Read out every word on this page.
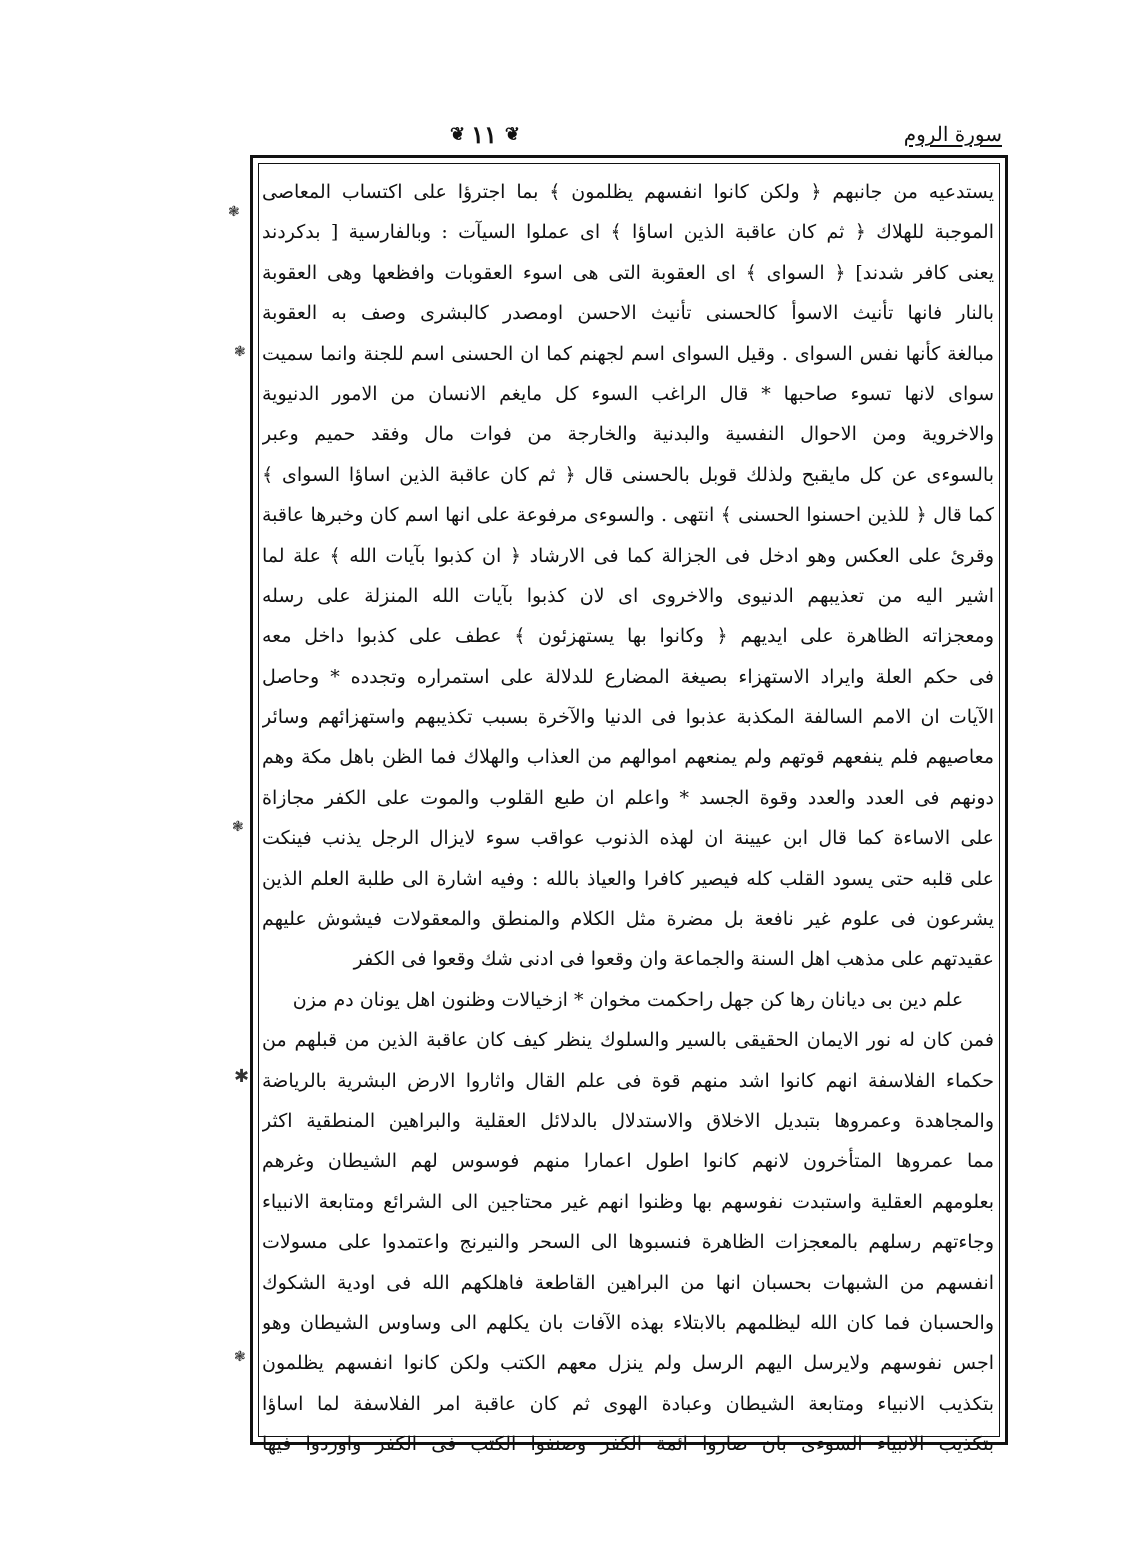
سورة الروم
❦ ١١ ❦
❃
❃
❃
✱
❃
يستدعيه من جانبهم ﴿ ولكن كانوا انفسهم يظلمون ﴾ بما اجترؤا على اكتساب المعاصى
الموجبة للهلاك ﴿ ثم كان عاقبة الذين اساؤا ﴾ اى عملوا السيآت : وبالفارسية [ بدكردند
يعنى كافر شدند] ﴿ السواى ﴾ اى العقوبة التى هى اسوء العقوبات وافظعها وهى العقوبة
بالنار فانها تأنيث الاسوأ كالحسنى تأنيث الاحسن اومصدر كالبشرى وصف به العقوبة
مبالغة كأنها نفس السواى . وقيل السواى اسم لجهنم كما ان الحسنى اسم للجنة وانما سميت
سواى لانها تسوء صاحبها * قال الراغب السوء كل مايغم الانسان من الامور الدنيوية
والاخروية ومن الاحوال النفسية والبدنية والخارجة من فوات مال وفقد حميم وعبر
بالسوءى عن كل مايقبح ولذلك قوبل بالحسنى قال ﴿ ثم كان عاقبة الذين اساؤا السواى ﴾
كما قال ﴿ للذين احسنوا الحسنى ﴾ انتهى . والسوءى مرفوعة على انها اسم كان وخبرها عاقبة
وقرئ على العكس وهو ادخل فى الجزالة كما فى الارشاد ﴿ ان كذبوا بآيات الله ﴾ علة لما
اشير اليه من تعذيبهم الدنيوى والاخروى اى لان كذبوا بآيات الله المنزلة على رسله
ومعجزاته الظاهرة على ايديهم ﴿ وكانوا بها يستهزئون ﴾ عطف على كذبوا داخل معه
فى حكم العلة وايراد الاستهزاء بصيغة المضارع للدلالة على استمراره وتجدده * وحاصل
الآيات ان الامم السالفة المكذبة عذبوا فى الدنيا والآخرة بسبب تكذيبهم واستهزائهم وسائر
معاصيهم فلم ينفعهم قوتهم ولم يمنعهم اموالهم من العذاب والهلاك فما الظن باهل مكة وهم
دونهم فى العدد والعدد وقوة الجسد * واعلم ان طبع القلوب والموت على الكفر مجازاة
على الاساءة كما قال ابن عيينة ان لهذه الذنوب عواقب سوء لايزال الرجل يذنب فينكت
على قلبه حتى يسود القلب كله فيصير كافرا والعياذ بالله : وفيه اشارة الى طلبة العلم الذين
يشرعون فى علوم غير نافعة بل مضرة مثل الكلام والمنطق والمعقولات فيشوش عليهم
عقيدتهم على مذهب اهل السنة والجماعة وان وقعوا فى ادنى شك وقعوا فى الكفر
علم دين بى ديانان رها كن جهل راحكمت مخوان * ازخيالات وظنون اهل يونان دم مزن
فمن كان له نور الايمان الحقيقى بالسير والسلوك ينظر كيف كان عاقبة الذين من قبلهم من
حكماء الفلاسفة انهم كانوا اشد منهم قوة فى علم القال واثاروا الارض البشرية بالرياضة
والمجاهدة وعمروها بتبديل الاخلاق والاستدلال بالدلائل العقلية والبراهين المنطقية اكثر
مما عمروها المتأخرون لانهم كانوا اطول اعمارا منهم فوسوس لهم الشيطان وغرهم
بعلومهم العقلية واستبدت نفوسهم بها وظنوا انهم غير محتاجين الى الشرائع ومتابعة الانبياء
وجاءتهم رسلهم بالمعجزات الظاهرة فنسبوها الى السحر والنيرنج واعتمدوا على مسولات
انفسهم من الشبهات بحسبان انها من البراهين القاطعة فاهلكهم الله فى اودية الشكوك
والحسبان فما كان الله ليظلمهم بالابتلاء بهذه الآفات بان يكلهم الى وساوس الشيطان وهو
اجس نفوسهم ولايرسل اليهم الرسل ولم ينزل معهم الكتب ولكن كانوا انفسهم يظلمون
بتكذيب الانبياء ومتابعة الشيطان وعبادة الهوى ثم كان عاقبة امر الفلاسفة لما اساؤا
بتكذيب الانبياء السوءى بان صاروا ائمة الكفر وصنفوا الكتب فى الكفر واوردوا فيها
